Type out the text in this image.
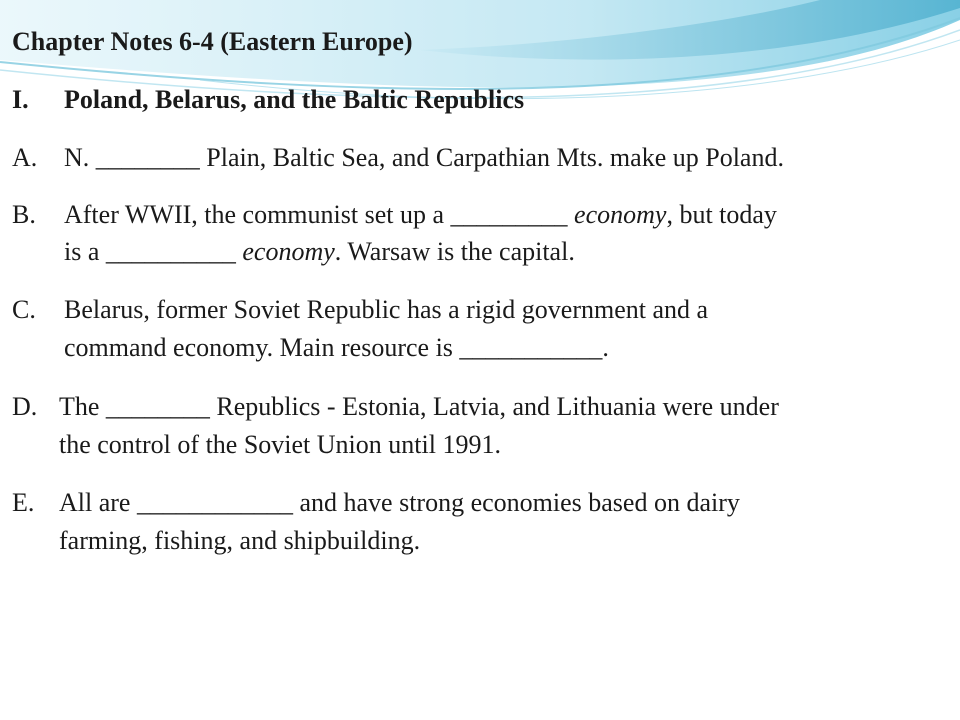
Chapter Notes 6-4 (Eastern Europe)
I. Poland, Belarus, and the Baltic Republics
A. N. ________ Plain, Baltic Sea, and Carpathian Mts. make up Poland.
B. After WWII, the communist set up a _________ economy, but today
is a __________ economy. Warsaw is the capital.
C. Belarus, former Soviet Republic has a rigid government and a
command economy. Main resource is ___________.
D. The ________ Republics - Estonia, Latvia, and Lithuania were under
the control of the Soviet Union until 1991.
E. All are ____________ and have strong economies based on dairy
farming, fishing, and shipbuilding.
